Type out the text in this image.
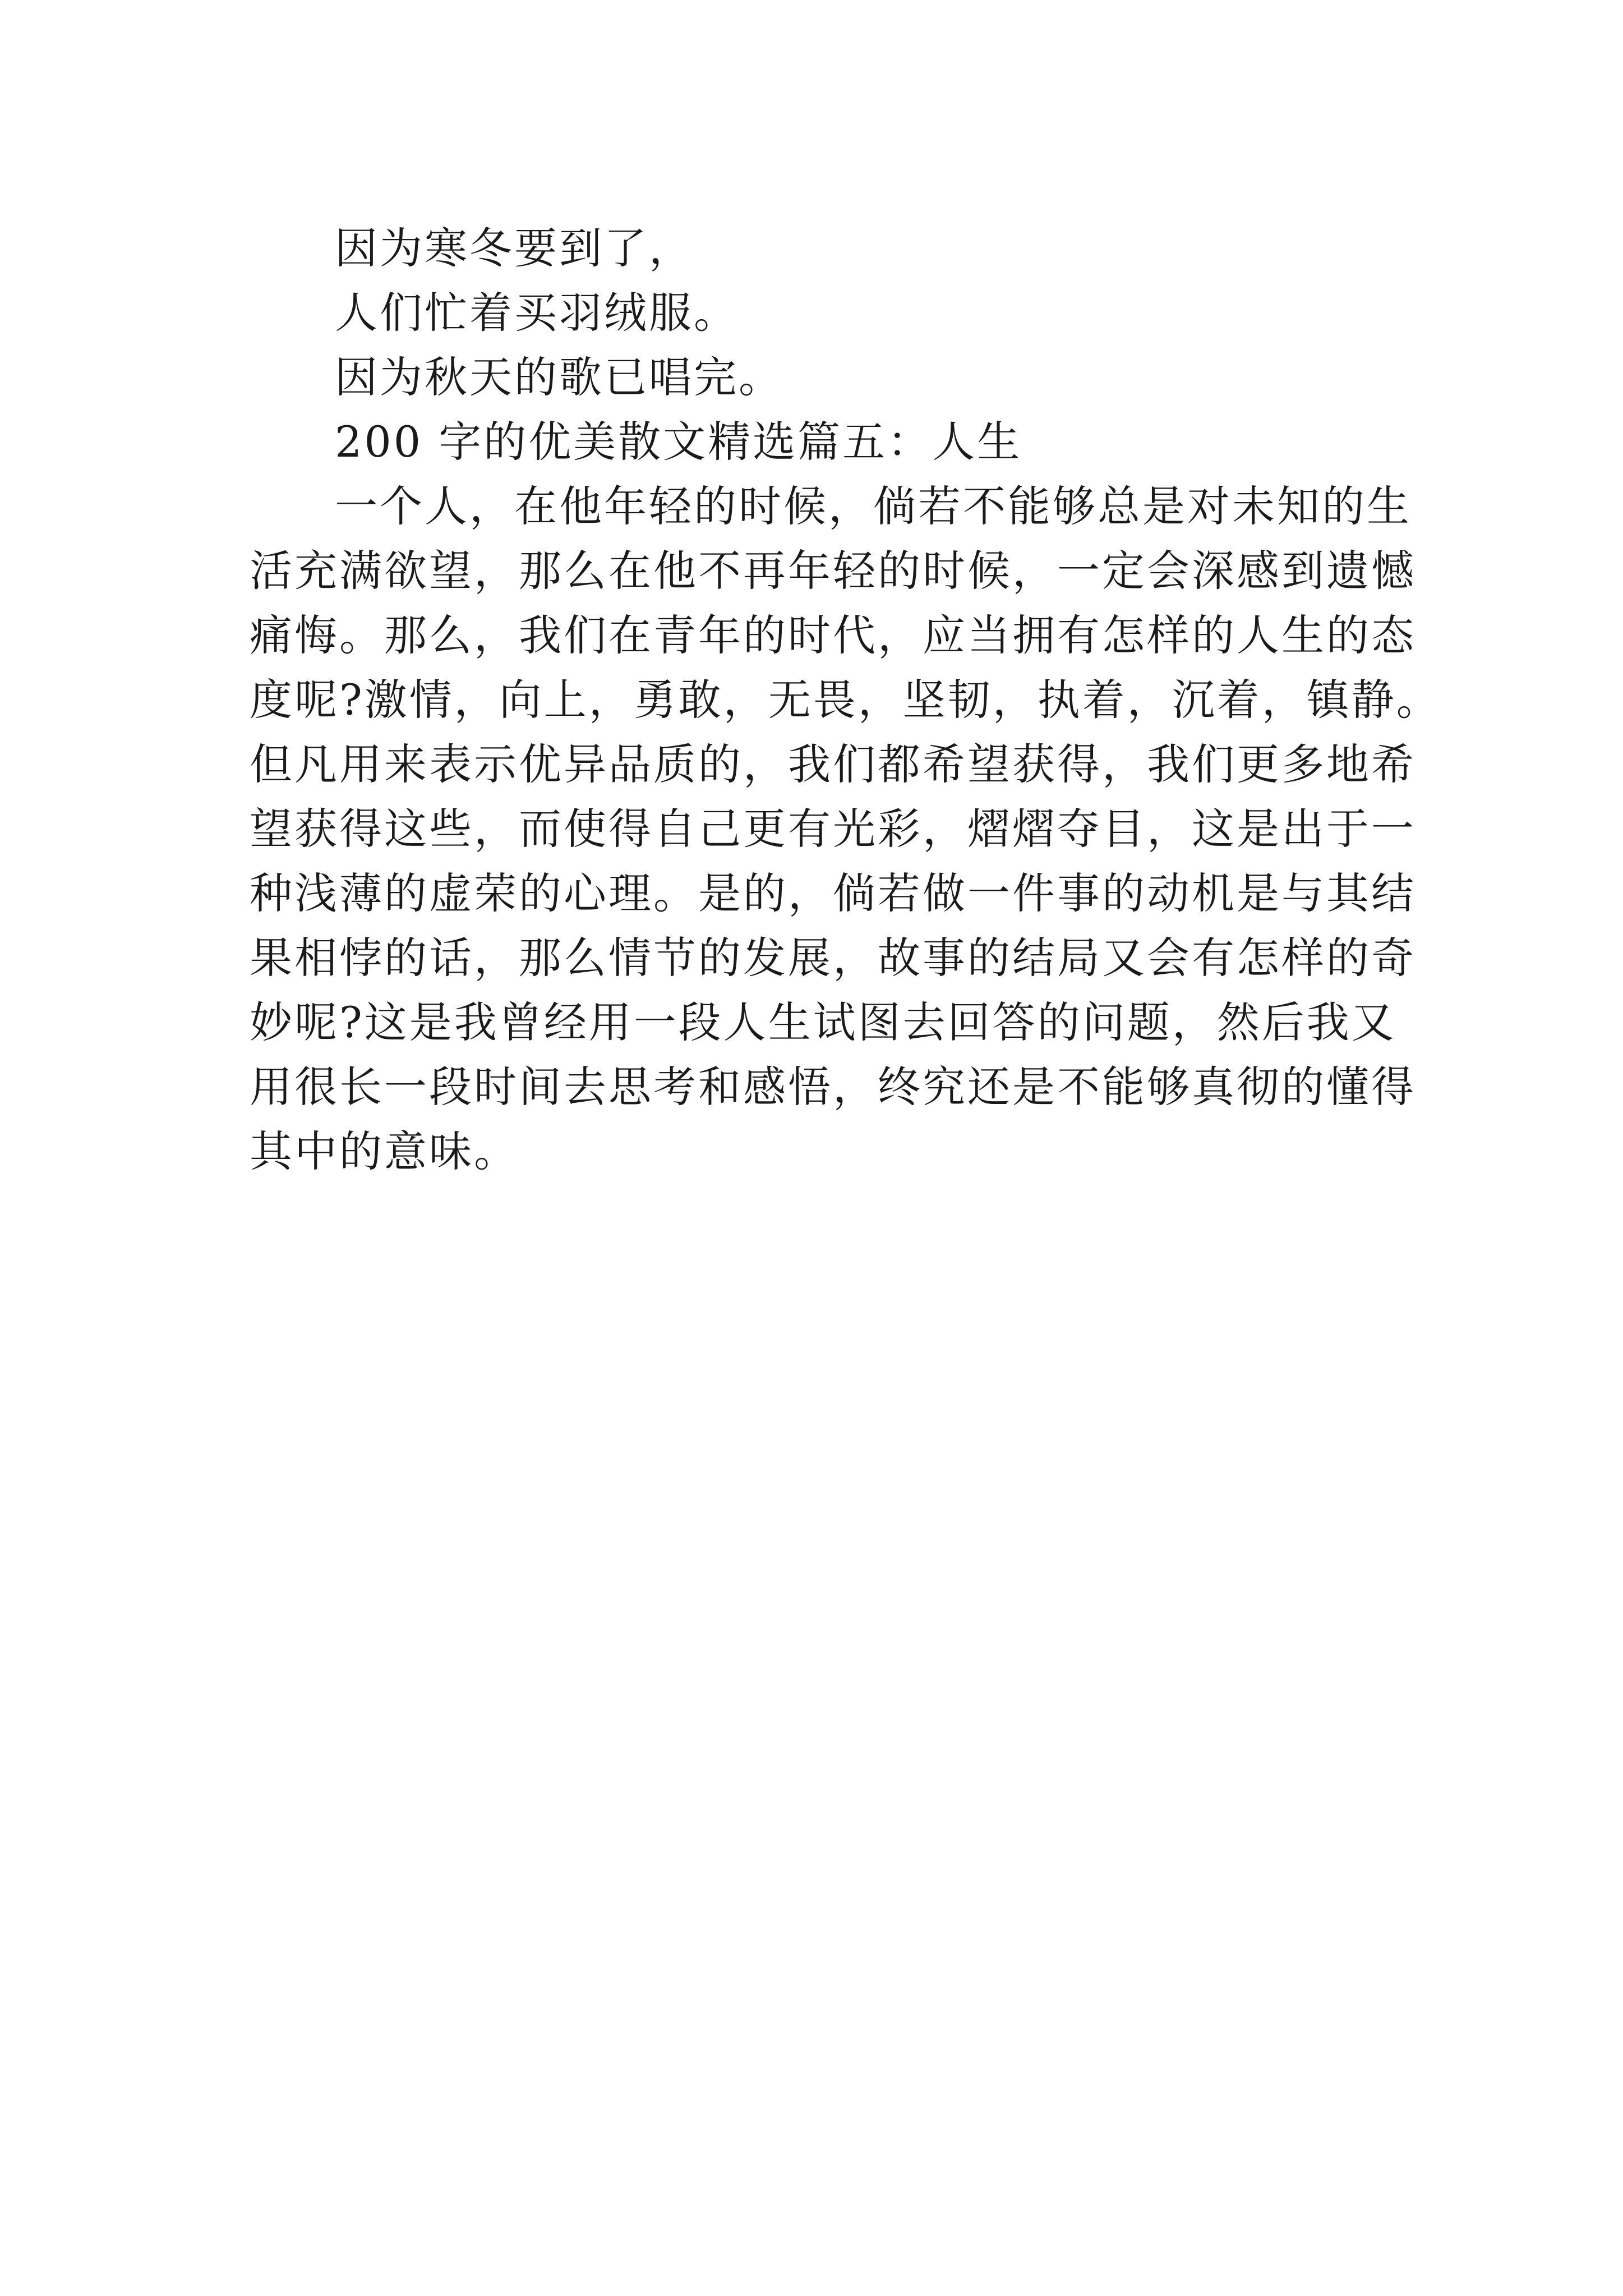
因为寒冬要到了，
人们忙着买羽绒服。
因为秋天的歌已唱完。
200 字的优美散文精选篇五：人生
一个人，在他年轻的时候，倘若不能够总是对未知的生
活充满欲望，那么在他不再年轻的时候，一定会深感到遗憾
痛悔。那么，我们在青年的时代，应当拥有怎样的人生的态
度呢?激情，向上，勇敢，无畏，坚韧，执着，沉着，镇静。
但凡用来表示优异品质的，我们都希望获得，我们更多地希
望获得这些，而使得自己更有光彩，熠熠夺目，这是出于一
种浅薄的虚荣的心理。是的，倘若做一件事的动机是与其结
果相悖的话，那么情节的发展，故事的结局又会有怎样的奇
妙呢?这是我曾经用一段人生试图去回答的问题，然后我又
用很长一段时间去思考和感悟，终究还是不能够真彻的懂得
其中的意味。
